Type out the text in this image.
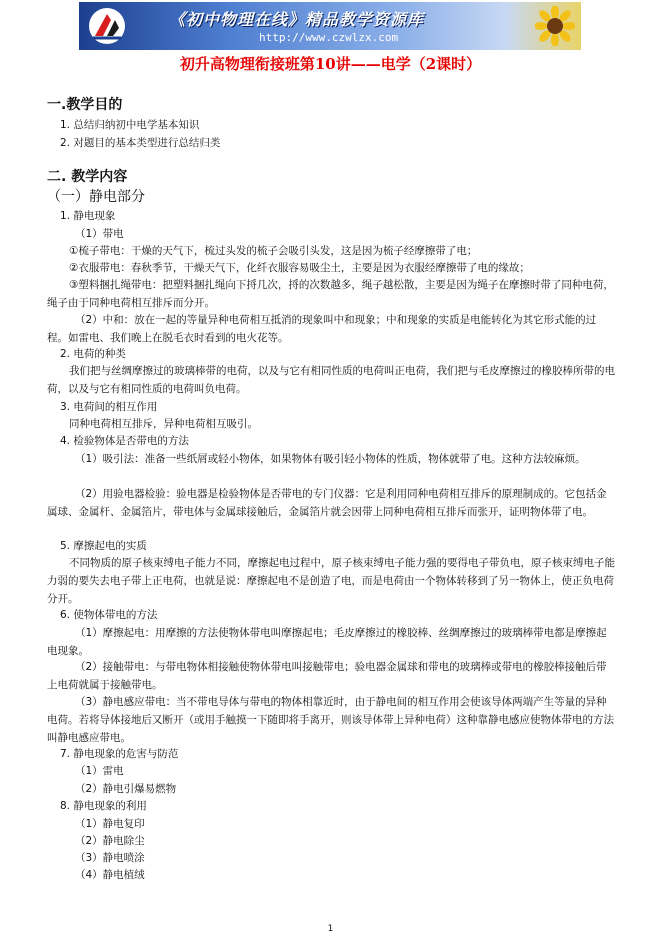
《初中物理在线》精品教学资源库
http://www.czwlzx.com
初升高物理衔接班第10讲——电学（2课时）
一.教学目的
1. 总结归纳初中电学基本知识
2. 对题目的基本类型进行总结归类
二. 教学内容
（一）静电部分
1. 静电现象
（1）带电
①梳子带电：干燥的天气下，梳过头发的梳子会吸引头发，这是因为梳子经摩擦带了电；
②衣服带电：春秋季节，干燥天气下，化纤衣服容易吸尘土，主要是因为衣服经摩擦带了电的缘故；
③塑料捆扎绳带电：把塑料捆扎绳向下捋几次，捋的次数越多，绳子越松散，主要是因为绳子在摩擦时带了同种电荷，绳子由于同种电荷相互排斥而分开。
（2）中和：放在一起的等量异种电荷相互抵消的现象叫中和现象；中和现象的实质是电能转化为其它形式能的过程。如雷电、我们晚上在脱毛衣时看到的电火花等。
2. 电荷的种类
我们把与丝绸摩擦过的玻璃棒带的电荷，以及与它有相同性质的电荷叫正电荷，我们把与毛皮摩擦过的橡胶棒所带的电荷，以及与它有相同性质的电荷叫负电荷。
3. 电荷间的相互作用
同种电荷相互排斥，异种电荷相互吸引。
4. 检验物体是否带电的方法
（1）吸引法：准备一些纸屑或轻小物体，如果物体有吸引轻小物体的性质，物体就带了电。这种方法较麻烦。
（2）用验电器检验：验电器是检验物体是否带电的专门仪器：它是利用同种电荷相互排斥的原理制成的。它包括金属球、金属杆、金属箔片，带电体与金属球接触后，金属箔片就会因带上同种电荷相互排斥而张开，证明物体带了电。
5. 摩擦起电的实质
不同物质的原子核束缚电子能力不同，摩擦起电过程中，原子核束缚电子能力强的要得电子带负电，原子核束缚电子能力弱的要失去电子带上正电荷，也就是说：摩擦起电不是创造了电，而是电荷由一个物体转移到了另一物体上，使正负电荷分开。
6. 使物体带电的方法
（1）摩擦起电：用摩擦的方法使物体带电叫摩擦起电；毛皮摩擦过的橡胶棒、丝绸摩擦过的玻璃棒带电都是摩擦起电现象。
（2）接触带电：与带电物体相接触使物体带电叫接触带电；验电器金属球和带电的玻璃棒或带电的橡胶棒接触后带上电荷就属于接触带电。
（3）静电感应带电：当不带电导体与带电的物体相靠近时，由于静电间的相互作用会使该导体两端产生等量的异种电荷。若将导体接地后又断开（或用手触摸一下随即将手离开，则该导体带上异种电荷）这种靠静电感应使物体带电的方法叫静电感应带电。
7. 静电现象的危害与防范
（1）雷电
（2）静电引爆易燃物
8. 静电现象的利用
（1）静电复印
（2）静电除尘
（3）静电喷涂
（4）静电植绒
1
